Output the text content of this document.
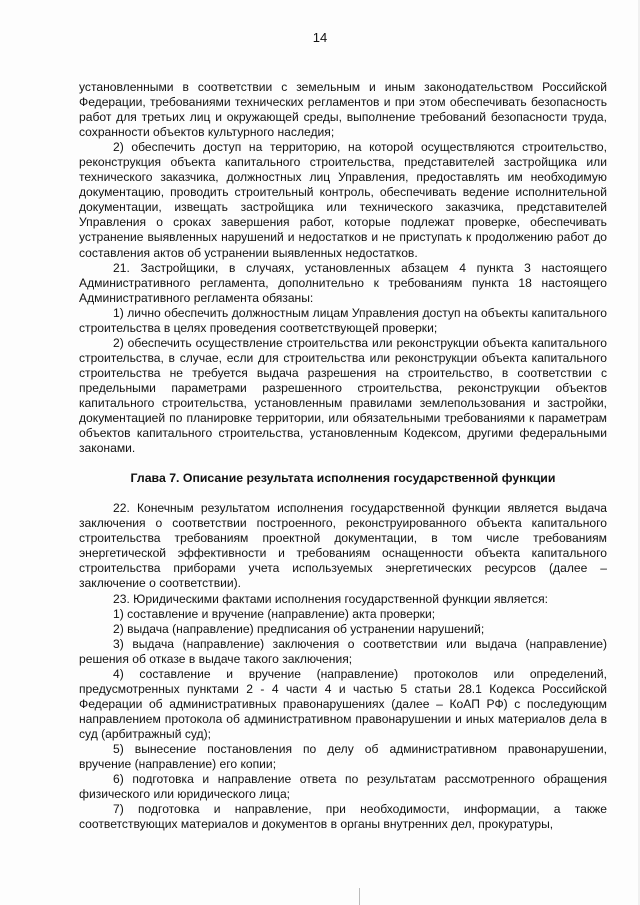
14

установленными в соответствии с земельным и иным законодательством Российской Федерации, требованиями технических регламентов и при этом обеспечивать безопасность работ для третьих лиц и окружающей среды, выполнение требований безопасности труда, сохранности объектов культурного наследия;

2) обеспечить доступ на территорию, на которой осуществляются строительство, реконструкция объекта капитального строительства, представителей застройщика или технического заказчика, должностных лиц Управления, предоставлять им необходимую документацию, проводить строительный контроль, обеспечивать ведение исполнительной документации, извещать застройщика или технического заказчика, представителей Управления о сроках завершения работ, которые подлежат проверке, обеспечивать устранение выявленных нарушений и недостатков и не приступать к продолжению работ до составления актов об устранении выявленных недостатков.

21. Застройщики, в случаях, установленных абзацем 4 пункта 3 настоящего Административного регламента, дополнительно к требованиям пункта 18 настоящего Административного регламента обязаны:

1) лично обеспечить должностным лицам Управления доступ на объекты капитального строительства в целях проведения соответствующей проверки;

2) обеспечить осуществление строительства или реконструкции объекта капитального строительства, в случае, если для строительства или реконструкции объекта капитального строительства не требуется выдача разрешения на строительство, в соответствии с предельными параметрами разрешенного строительства, реконструкции объектов капитального строительства, установленным правилами землепользования и застройки, документацией по планировке территории, или обязательными требованиями к параметрам объектов капитального строительства, установленным Кодексом, другими федеральными законами.

Глава 7. Описание результата исполнения государственной функции

22. Конечным результатом исполнения государственной функции является выдача заключения о соответствии построенного, реконструированного объекта капитального строительства требованиям проектной документации, в том числе требованиям энергетической эффективности и требованиям оснащенности объекта капитального строительства приборами учета используемых энергетических ресурсов (далее – заключение о соответствии).

23. Юридическими фактами исполнения государственной функции является:

1) составление и вручение (направление) акта проверки;

2) выдача (направление) предписания об устранении нарушений;

3) выдача (направление) заключения о соответствии или выдача (направление) решения об отказе в выдаче такого заключения;

4) составление и вручение (направление) протоколов или определений, предусмотренных пунктами 2 - 4 части 4 и частью 5 статьи 28.1 Кодекса Российской Федерации об административных правонарушениях (далее – КоАП РФ) с последующим направлением протокола об административном правонарушении и иных материалов дела в суд (арбитражный суд);

5) вынесение постановления по делу об административном правонарушении, вручение (направление) его копии;

6) подготовка и направление ответа по результатам рассмотренного обращения физического или юридического лица;

7) подготовка и направление, при необходимости, информации, а также соответствующих материалов и документов в органы внутренних дел, прокуратуры,
